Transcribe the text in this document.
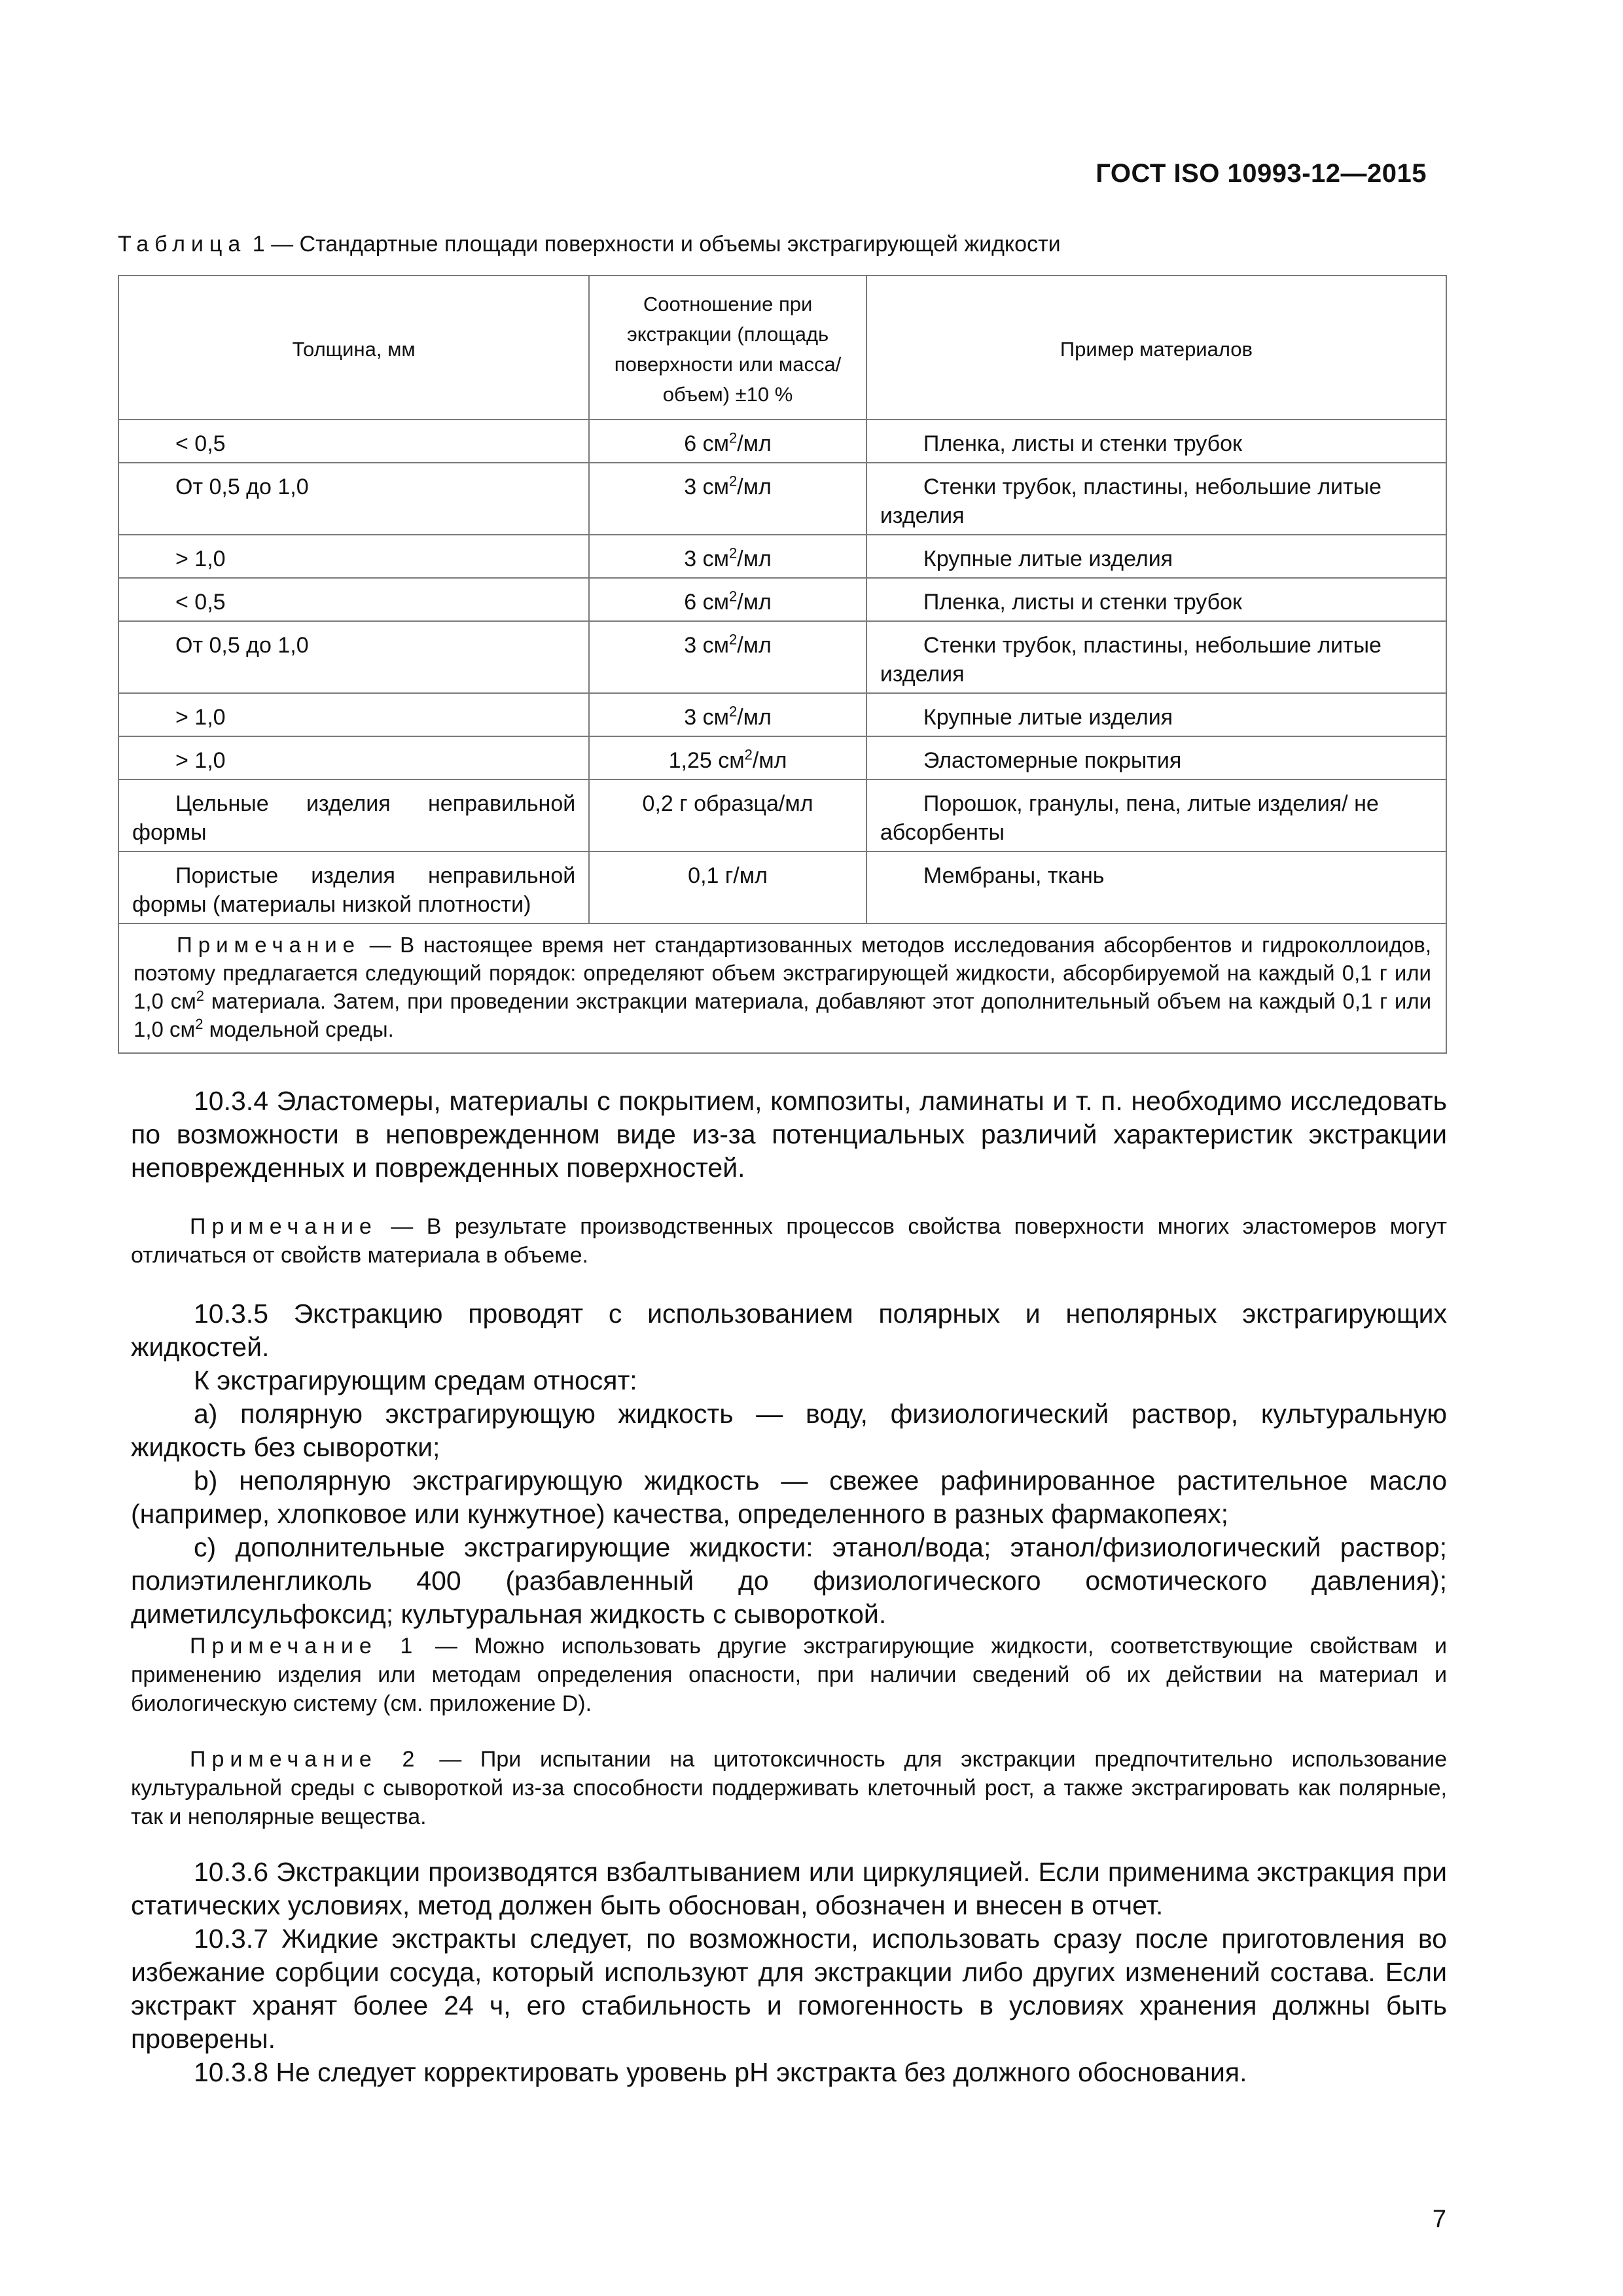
ГОСТ ISO 10993-12—2015
Таблица 1 — Стандартные площади поверхности и объемы экстрагирующей жидкости
Толщина, мм	Соотношение при экстракции (площадь поверхности или масса/объем) ±10 %	Пример материалов

< 0,5	6 $см^2/мл$	Пленка, листы и стенки трубок

От 0,5 до 1,0	3 $см^2/мл$	Стенки трубок, пластины, небольшие литые изделия

> 1,0	3 $см^2/мл$	Крупные литые изделия

< 0,5	6 $см^2/мл$	Пленка, листы и стенки трубок

От 0,5 до 1,0	3 $см^2/мл$	Стенки трубок, пластины, небольшие литые изделия

> 1,0	3 $см^2/мл$	Крупные литые изделия

> 1,0	1,25 $см^2/мл$	Эластомерные покрытия

Цельные изделия неправильной формы	0,2 г образца/мл	Порошок, гранулы, пена, литые изделия/ не абсорбенты

Пористые изделия неправильной формы (материалы низкой плотности)	0,1 г/мл	Мембраны, ткань
Примечание — В настоящее время нет стандартизованных методов исследования абсорбентов и гидроколлоидов, поэтому предлагается следующий порядок: определяют объем экстрагирующей жидкости, абсорбируемой на каждый 0,1 г или 1,0 $см^2$ материала. Затем, при проведении экстракции материала, добавляют этот дополнительный объем на каждый 0,1 г или 1,0 $см^2$ модельной среды.		

10.3.4 Эластомеры, материалы с покрытием, композиты, ламинаты и т. п. необходимо исследовать по возможности в неповрежденном виде из-за потенциальных различий характеристик экстракции неповрежденных и поврежденных поверхностей.

Примечание — В результате производственных процессов свойства поверхности многих эластомеров могут отличаться от свойств материала в объеме.

10.3.5 Экстракцию проводят с использованием полярных и неполярных экстрагирующих жидкостей.

К экстрагирующим средам относят:

a) полярную экстрагирующую жидкость — воду, физиологический раствор, культуральную жидкость без сыворотки;

b) неполярную экстрагирующую жидкость — свежее рафинированное растительное масло (например, хлопковое или кунжутное) качества, определенного в разных фармакопеях;

c) дополнительные экстрагирующие жидкости: этанол/вода; этанол/физиологический раствор; полиэтиленгликоль 400 (разбавленный до физиологического осмотического давления); диметилсульфоксид; культуральная жидкость с сывороткой.

Примечание 1 — Можно использовать другие экстрагирующие жидкости, соответствующие свойствам и применению изделия или методам определения опасности, при наличии сведений об их действии на материал и биологическую систему (см. приложение D).

Примечание 2 — При испытании на цитотоксичность для экстракции предпочтительно использование культуральной среды с сывороткой из-за способности поддерживать клеточный рост, а также экстрагировать как полярные, так и неполярные вещества.

10.3.6 Экстракции производятся взбалтыванием или циркуляцией. Если применима экстракция при статических условиях, метод должен быть обоснован, обозначен и внесен в отчет.

10.3.7 Жидкие экстракты следует, по возможности, использовать сразу после приготовления во избежание сорбции сосуда, который используют для экстракции либо других изменений состава. Если экстракт хранят более 24 ч, его стабильность и гомогенность в условиях хранения должны быть проверены.

10.3.8 Не следует корректировать уровень pH экстракта без должного обоснования.

7
